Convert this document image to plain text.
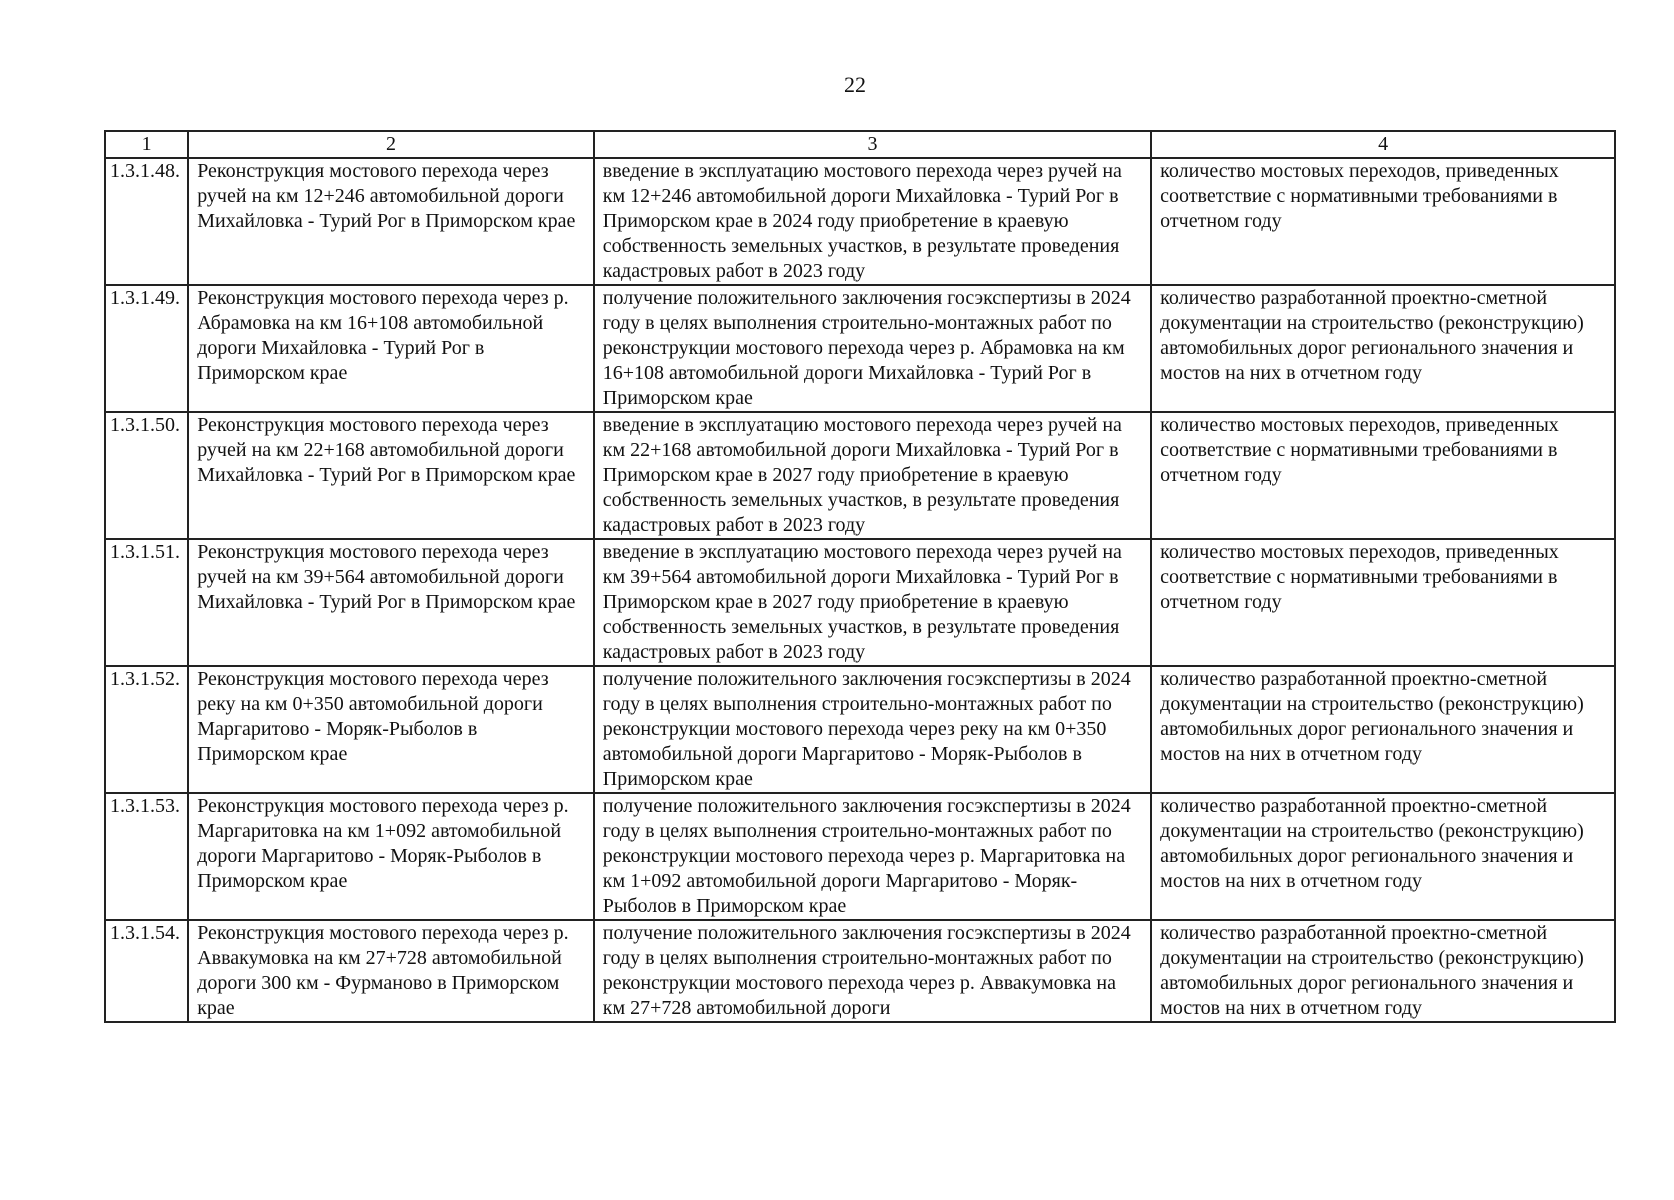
22
1	2	3	4
1.3.1.48.	Реконструкция мостового перехода через ручей на км 12+246 автомобильной дороги Михайловка - Турий Рог в Приморском крае	введение в эксплуатацию мостового перехода через ручей на км 12+246 автомобильной дороги Михайловка - Турий Рог в Приморском крае в 2024 году приобретение в краевую собственность земельных участков, в результате проведения кадастровых работ в 2023 году	количество мостовых переходов, приведенных соответствие с нормативными требованиями в отчетном году
1.3.1.49.	Реконструкция мостового перехода через р. Абрамовка на км 16+108 автомобильной дороги Михайловка - Турий Рог в Приморском крае	получение положительного заключения госэкспертизы в 2024 году в целях выполнения строительно-монтажных работ по реконструкции мостового перехода через р. Абрамовка на км 16+108 автомобильной дороги Михайловка - Турий Рог в Приморском крае	количество разработанной проектно-сметной документации на строительство (реконструкцию) автомобильных дорог регионального значения и мостов на них в отчетном году
1.3.1.50.	Реконструкция мостового перехода через ручей на км 22+168 автомобильной дороги Михайловка - Турий Рог в Приморском крае	введение в эксплуатацию мостового перехода через ручей на км 22+168 автомобильной дороги Михайловка - Турий Рог в Приморском крае в 2027 году приобретение в краевую собственность земельных участков, в результате проведения кадастровых работ в 2023 году	количество мостовых переходов, приведенных соответствие с нормативными требованиями в отчетном году
1.3.1.51.	Реконструкция мостового перехода через ручей на км 39+564 автомобильной дороги Михайловка - Турий Рог в Приморском крае	введение в эксплуатацию мостового перехода через ручей на км 39+564 автомобильной дороги Михайловка - Турий Рог в Приморском крае в 2027 году приобретение в краевую собственность земельных участков, в результате проведения кадастровых работ в 2023 году	количество мостовых переходов, приведенных соответствие с нормативными требованиями в отчетном году
1.3.1.52.	Реконструкция мостового перехода через реку на км 0+350 автомобильной дороги Маргаритово - Моряк-Рыболов в Приморском крае	получение положительного заключения госэкспертизы в 2024 году в целях выполнения строительно-монтажных работ по реконструкции мостового перехода через реку на км 0+350 автомобильной дороги Маргаритово - Моряк-Рыболов в Приморском крае	количество разработанной проектно-сметной документации на строительство (реконструкцию) автомобильных дорог регионального значения и мостов на них в отчетном году
1.3.1.53.	Реконструкция мостового перехода через р. Маргаритовка на км 1+092 автомобильной дороги Маргаритово - Моряк-Рыболов в Приморском крае	получение положительного заключения госэкспертизы в 2024 году в целях выполнения строительно-монтажных работ по реконструкции мостового перехода через р. Маргаритовка на км 1+092 автомобильной дороги Маргаритово - Моряк-Рыболов в Приморском крае	количество разработанной проектно-сметной документации на строительство (реконструкцию) автомобильных дорог регионального значения и мостов на них в отчетном году
1.3.1.54.	Реконструкция мостового перехода через р. Аввакумовка на км 27+728 автомобильной дороги 300 км - Фурманово в Приморском крае	получение положительного заключения госэкспертизы в 2024 году в целях выполнения строительно-монтажных работ по реконструкции мостового перехода через р. Аввакумовка на км 27+728 автомобильной дороги	количество разработанной проектно-сметной документации на строительство (реконструкцию) автомобильных дорог регионального значения и мостов на них в отчетном году
